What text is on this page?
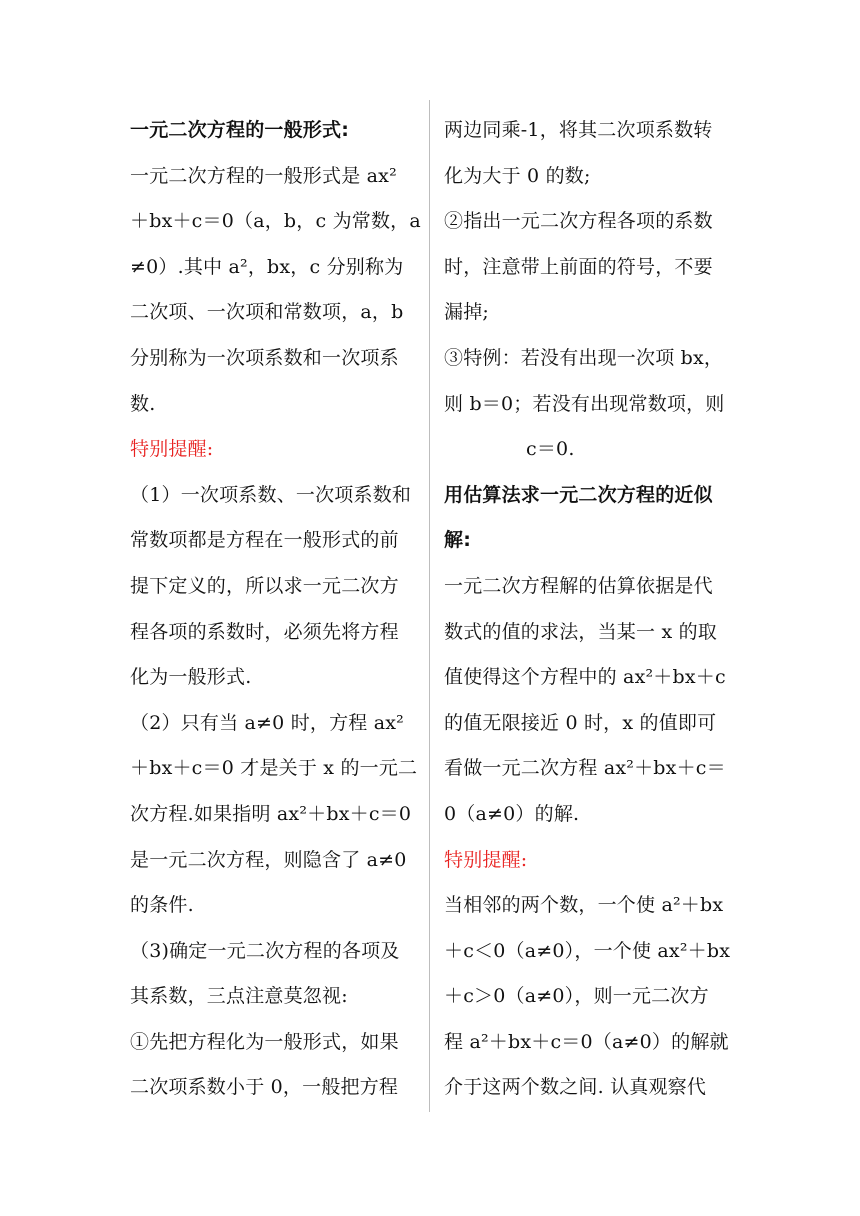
一元二次方程的一般形式:
一元二次方程的一般形式是 ax²
＋bx＋c＝0（a，b，c 为常数，a
≠0）.其中 a²，bx，c 分别称为
二次项、一次项和常数项，a，b
分别称为一次项系数和一次项系
数.
特别提醒:
（1）一次项系数、一次项系数和
常数项都是方程在一般形式的前
提下定义的，所以求一元二次方
程各项的系数时，必须先将方程
化为一般形式.
（2）只有当 a≠0 时，方程 ax²
＋bx＋c＝0 才是关于 x 的一元二
次方程.如果指明 ax²＋bx＋c＝0
是一元二次方程，则隐含了 a≠0
的条件.
（3)确定一元二次方程的各项及
其系数，三点注意莫忽视:
①先把方程化为一般形式，如果
二次项系数小于 0，一般把方程
两边同乘-1，将其二次项系数转
化为大于 0 的数;
②指出一元二次方程各项的系数
时，注意带上前面的符号，不要
漏掉;
③特例：若没有出现一次项 bx，
则 b＝0；若没有出现常数项，则
c＝0.
用估算法求一元二次方程的近似
解:
一元二次方程解的估算依据是代
数式的值的求法，当某一 x 的取
值使得这个方程中的 ax²＋bx＋c
的值无限接近 0 时，x 的值即可
看做一元二次方程 ax²＋bx＋c＝
0（a≠0）的解.
特别提醒:
当相邻的两个数，一个使 a²＋bx
＋c＜0（a≠0），一个使 ax²＋bx
＋c＞0（a≠0），则一元二次方
程 a²＋bx＋c＝0（a≠0）的解就
介于这两个数之间. 认真观察代
